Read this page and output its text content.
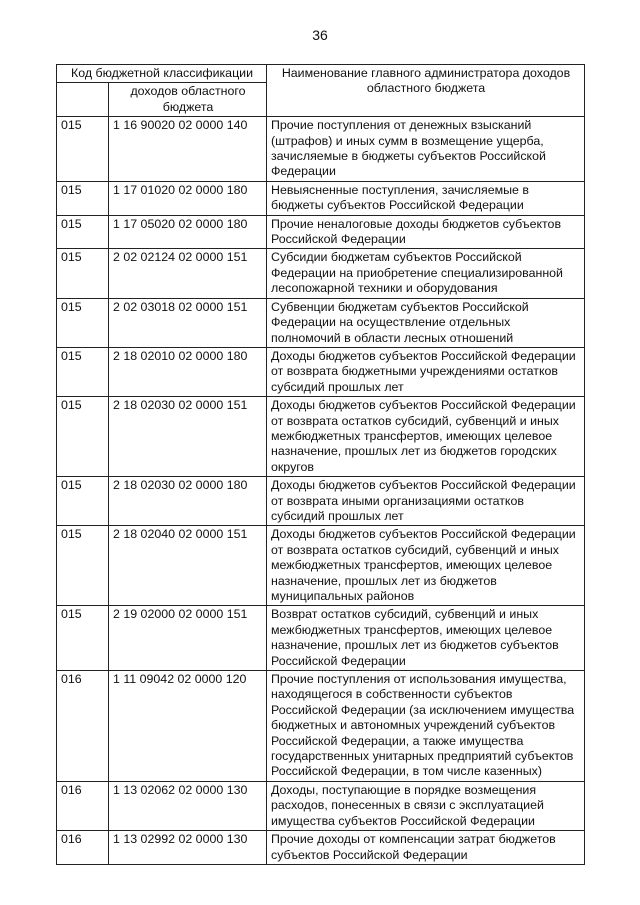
36
Код бюджетной классификации		Наименование главного администратора доходов областного бюджета
	доходов областного бюджета	
015	1 16 90020 02 0000 140	Прочие поступления от денежных взысканий (штрафов) и иных сумм в возмещение ущерба, зачисляемые в бюджеты субъектов Российской Федерации
015	1 17 01020 02 0000 180	Невыясненные поступления, зачисляемые в бюджеты субъектов Российской Федерации
015	1 17 05020 02 0000 180	Прочие неналоговые доходы бюджетов субъектов Российской Федерации
015	2 02 02124 02 0000 151	Субсидии бюджетам субъектов Российской Федерации на приобретение специализированной лесопожарной техники и оборудования
015	2 02 03018 02 0000 151	Субвенции бюджетам субъектов Российской Федерации на осуществление отдельных полномочий в области лесных отношений
015	2 18 02010 02 0000 180	Доходы бюджетов субъектов Российской Федерации от возврата бюджетными учреждениями остатков субсидий прошлых лет
015	2 18 02030 02 0000 151	Доходы бюджетов субъектов Российской Федерации от возврата остатков субсидий, субвенций и иных межбюджетных трансфертов, имеющих целевое назначение, прошлых лет из бюджетов городских округов
015	2 18 02030 02 0000 180	Доходы бюджетов субъектов Российской Федерации от возврата иными организациями остатков субсидий прошлых лет
015	2 18 02040 02 0000 151	Доходы бюджетов субъектов Российской Федерации от возврата остатков субсидий, субвенций и иных межбюджетных трансфертов, имеющих целевое назначение, прошлых лет из бюджетов муниципальных районов
015	2 19 02000 02 0000 151	Возврат остатков субсидий, субвенций и иных межбюджетных трансфертов, имеющих целевое назначение, прошлых лет из бюджетов субъектов Российской Федерации
016	1 11 09042 02 0000 120	Прочие поступления от использования имущества, находящегося в собственности субъектов Российской Федерации (за исключением имущества бюджетных и автономных учреждений субъектов Российской Федерации, а также имущества государственных унитарных предприятий субъектов Российской Федерации, в том числе казенных)
016	1 13 02062 02 0000 130	Доходы, поступающие в порядке возмещения расходов, понесенных в связи с эксплуатацией имущества субъектов Российской Федерации
016	1 13 02992 02 0000 130	Прочие доходы от компенсации затрат бюджетов субъектов Российской Федерации
